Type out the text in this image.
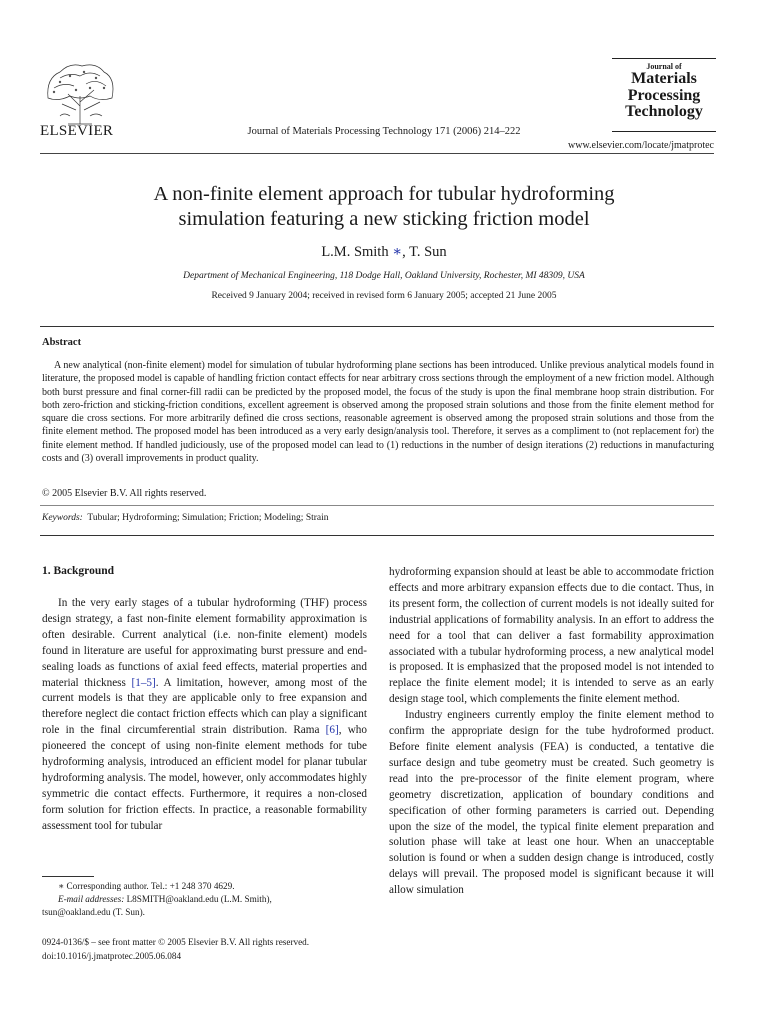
ELSEVIER	Journal of Materials Processing Technology 171 (2006) 214–222
Journal of
Materials
Processing
Technology
www.elsevier.com/locate/jmatprotec
A non-finite element approach for tubular hydroforming
simulation featuring a new sticking friction model
L.M. Smith ∗, T. Sun
Department of Mechanical Engineering, 118 Dodge Hall, Oakland University, Rochester, MI 48309, USA
Received 9 January 2004; received in revised form 6 January 2005; accepted 21 June 2005
Abstract
A new analytical (non-finite element) model for simulation of tubular hydroforming plane sections has been introduced. Unlike previous analytical models found in literature, the proposed model is capable of handling friction contact effects for near arbitrary cross sections through the employment of a new friction model. Although both burst pressure and final corner-fill radii can be predicted by the proposed model, the focus of the study is upon the final membrane hoop strain distribution. For both zero-friction and sticking-friction conditions, excellent agreement is observed among the proposed strain solutions and those from the finite element method for square die cross sections. For more arbitrarily defined die cross sections, reasonable agreement is observed among the proposed strain solutions and those from the finite element method. The proposed model has been introduced as a very early design/analysis tool. Therefore, it serves as a compliment to (not replacement for) the finite element method. If handled judiciously, use of the proposed model can lead to (1) reductions in the number of design iterations (2) reductions in manufacturing costs and (3) overall improvements in product quality.
© 2005 Elsevier B.V. All rights reserved.
Keywords: Tubular; Hydroforming; Simulation; Friction; Modeling; Strain
1. Background

In the very early stages of a tubular hydroforming (THF) process design strategy, a fast non-finite element formability approximation is often desirable. Current analytical (i.e. non-finite element) models found in literature are useful for approximating burst pressure and end-sealing loads as functions of axial feed effects, material properties and material thickness [1–5]. A limitation, however, among most of the current models is that they are applicable only to free expansion and therefore neglect die contact friction effects which can play a significant role in the final circumferential strain distribution. Rama [6], who pioneered the concept of using non-finite element methods for tube hydroforming analysis, introduced an efficient model for planar tubular hydroforming analysis. The model, however, only accommodates highly symmetric die contact effects. Furthermore, it requires a non-closed form solution for friction effects. In practice, a reasonable formability assessment tool for tubular

hydroforming expansion should at least be able to accommodate friction effects and more arbitrary expansion effects due to die contact. Thus, in its present form, the collection of current models is not ideally suited for industrial applications of formability analysis. In an effort to address the need for a tool that can deliver a fast formability approximation associated with a tubular hydroforming process, a new analytical model is proposed. It is emphasized that the proposed model is not intended to replace the finite element model; it is intended to serve as an early design stage tool, which complements the finite element method.

Industry engineers currently employ the finite element method to confirm the appropriate design for the tube hydroformed product. Before finite element analysis (FEA) is conducted, a tentative die surface design and tube geometry must be created. Such geometry is read into the pre-processor of the finite element program, where geometry discretization, application of boundary conditions and specification of other forming parameters is carried out. Depending upon the size of the model, the typical finite element preparation and solution phase will take at least one hour. When an unacceptable solution is found or when a sudden design change is introduced, costly delays will prevail. The proposed model is significant because it will allow simulation

∗ Corresponding author. Tel.: +1 248 370 4629.
E-mail addresses: L8SMITH@oakland.edu (L.M. Smith),
tsun@oakland.edu (T. Sun).
0924-0136/$ – see front matter © 2005 Elsevier B.V. All rights reserved.
doi:10.1016/j.jmatprotec.2005.06.084
